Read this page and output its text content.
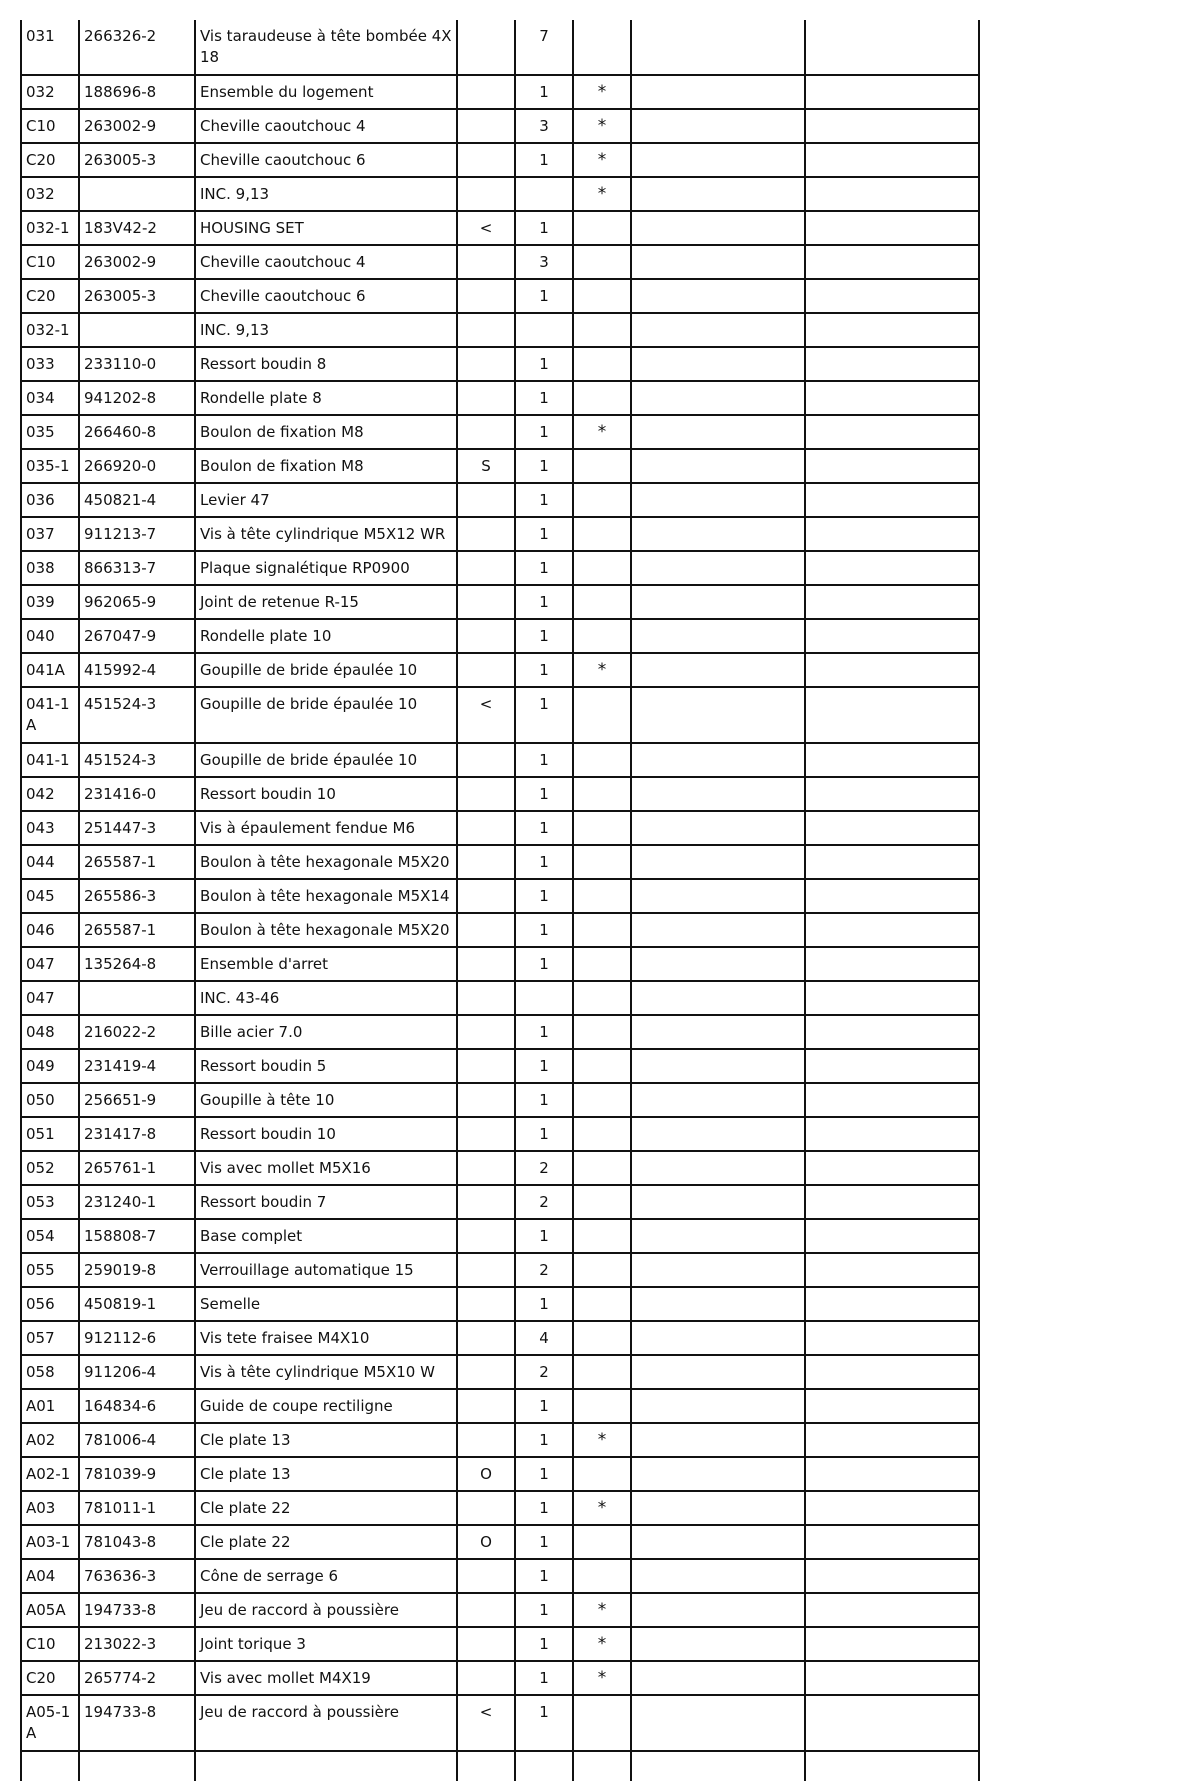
031	266326-2	Vis taraudeuse à tête bombée 4X 18		7			
032	188696-8	Ensemble du logement		1	*		
C10	263002-9	Cheville caoutchouc 4		3	*		
C20	263005-3	Cheville caoutchouc 6		1	*		
032		INC. 9,13			*		
032-1	183V42-2	HOUSING SET	<	1			
C10	263002-9	Cheville caoutchouc 4		3			
C20	263005-3	Cheville caoutchouc 6		1			
032-1		INC. 9,13					
033	233110-0	Ressort boudin 8		1			
034	941202-8	Rondelle plate 8		1			
035	266460-8	Boulon de fixation M8		1	*		
035-1	266920-0	Boulon de fixation M8	S	1			
036	450821-4	Levier 47		1			
037	911213-7	Vis à tête cylindrique M5X12 WR		1			
038	866313-7	Plaque signalétique RP0900		1			
039	962065-9	Joint de retenue R-15		1			
040	267047-9	Rondelle plate 10		1			
041A	415992-4	Goupille de bride épaulée 10		1	*		
041-1 A	451524-3	Goupille de bride épaulée 10	<	1			
041-1	451524-3	Goupille de bride épaulée 10		1			
042	231416-0	Ressort boudin 10		1			
043	251447-3	Vis à épaulement fendue M6		1			
044	265587-1	Boulon à tête hexagonale M5X20		1			
045	265586-3	Boulon à tête hexagonale M5X14		1			
046	265587-1	Boulon à tête hexagonale M5X20		1			
047	135264-8	Ensemble d'arret		1			
047		INC. 43-46					
048	216022-2	Bille acier 7.0		1			
049	231419-4	Ressort boudin 5		1			
050	256651-9	Goupille à tête 10		1			
051	231417-8	Ressort boudin 10		1			
052	265761-1	Vis avec mollet M5X16		2			
053	231240-1	Ressort boudin 7		2			
054	158808-7	Base complet		1			
055	259019-8	Verrouillage automatique 15		2			
056	450819-1	Semelle		1			
057	912112-6	Vis tete fraisee M4X10		4			
058	911206-4	Vis à tête cylindrique M5X10 W		2			
A01	164834-6	Guide de coupe rectiligne		1			
A02	781006-4	Cle plate 13		1	*		
A02-1	781039-9	Cle plate 13	O	1			
A03	781011-1	Cle plate 22		1	*		
A03-1	781043-8	Cle plate 22	O	1			
A04	763636-3	Cône de serrage 6		1			
A05A	194733-8	Jeu de raccord à poussière		1	*		
C10	213022-3	Joint torique 3		1	*		
C20	265774-2	Vis avec mollet M4X19		1	*		
A05-1 A	194733-8	Jeu de raccord à poussière	<	1			
